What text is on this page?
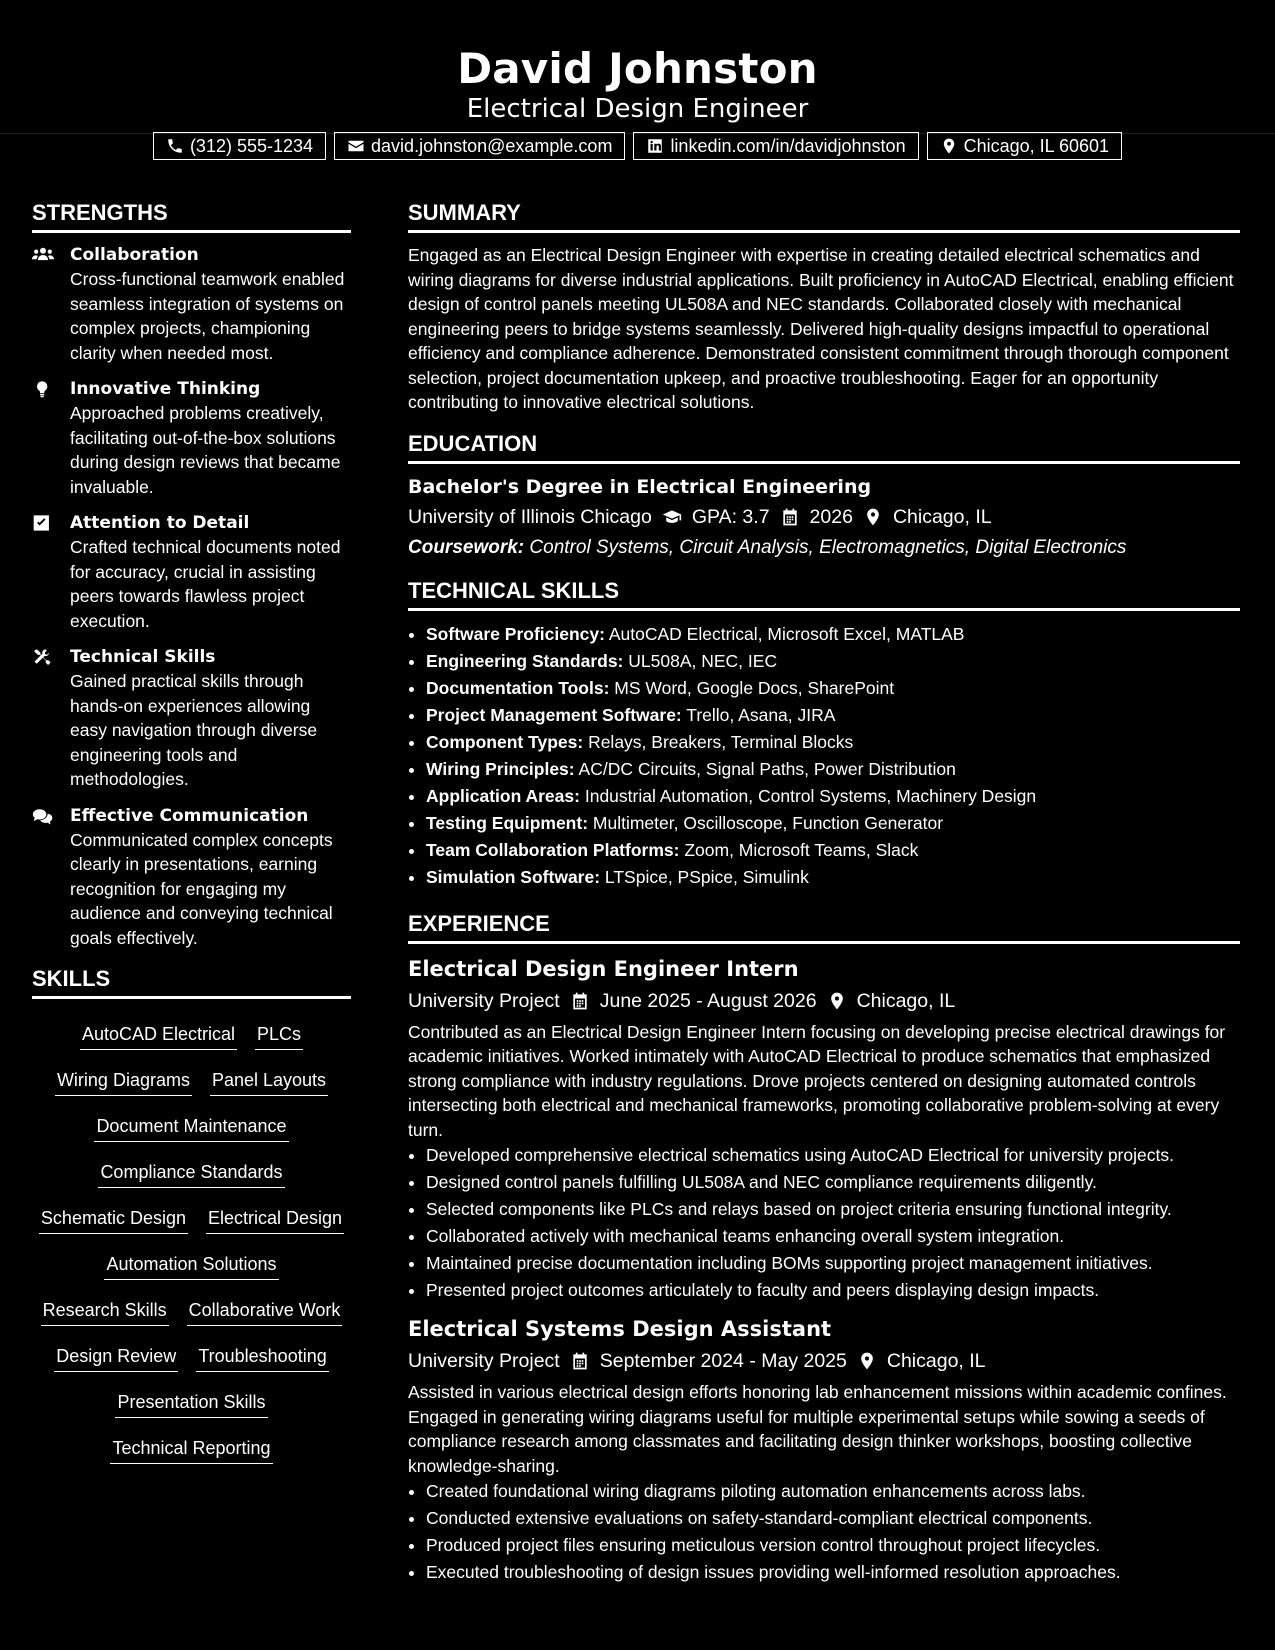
David Johnston
Electrical Design Engineer
(312) 555-1234	david.johnston@example.com	linkedin.com/in/davidjohnston	Chicago, IL 60601
STRENGTHS
Collaboration
Cross-functional teamwork enabled seamless integration of systems on complex projects, championing clarity when needed most.
Innovative Thinking
Approached problems creatively, facilitating out-of-the-box solutions during design reviews that became invaluable.
Attention to Detail
Crafted technical documents noted for accuracy, crucial in assisting peers towards flawless project execution.
Technical Skills
Gained practical skills through hands-on experiences allowing easy navigation through diverse engineering tools and methodologies.
Effective Communication
Communicated complex concepts clearly in presentations, earning recognition for engaging my audience and conveying technical goals effectively.
SKILLS
AutoCAD Electrical PLCs
Wiring Diagrams Panel Layouts
Document Maintenance
Compliance Standards
Schematic Design Electrical Design
Automation Solutions
Research Skills Collaborative Work
Design Review Troubleshooting
Presentation Skills
Technical Reporting
SUMMARY
Engaged as an Electrical Design Engineer with expertise in creating detailed electrical schematics and wiring diagrams for diverse industrial applications. Built proficiency in AutoCAD Electrical, enabling efficient design of control panels meeting UL508A and NEC standards. Collaborated closely with mechanical engineering peers to bridge systems seamlessly. Delivered high-quality designs impactful to operational efficiency and compliance adherence. Demonstrated consistent commitment through thorough component selection, project documentation upkeep, and proactive troubleshooting. Eager for an opportunity contributing to innovative electrical solutions.
EDUCATION
Bachelor's Degree in Electrical Engineering
University of Illinois Chicago GPA: 3.7 2026 Chicago, IL
Coursework: Control Systems, Circuit Analysis, Electromagnetics, Digital Electronics
TECHNICAL SKILLS
• Software Proficiency: AutoCAD Electrical, Microsoft Excel, MATLAB
• Engineering Standards: UL508A, NEC, IEC
• Documentation Tools: MS Word, Google Docs, SharePoint
• Project Management Software: Trello, Asana, JIRA
• Component Types: Relays, Breakers, Terminal Blocks
• Wiring Principles: AC/DC Circuits, Signal Paths, Power Distribution
• Application Areas: Industrial Automation, Control Systems, Machinery Design
• Testing Equipment: Multimeter, Oscilloscope, Function Generator
• Team Collaboration Platforms: Zoom, Microsoft Teams, Slack
• Simulation Software: LTSpice, PSpice, Simulink
EXPERIENCE
Electrical Design Engineer Intern
University Project June 2025 - August 2026 Chicago, IL
Contributed as an Electrical Design Engineer Intern focusing on developing precise electrical drawings for academic initiatives. Worked intimately with AutoCAD Electrical to produce schematics that emphasized strong compliance with industry regulations. Drove projects centered on designing automated controls intersecting both electrical and mechanical frameworks, promoting collaborative problem-solving at every turn.
• Developed comprehensive electrical schematics using AutoCAD Electrical for university projects.
• Designed control panels fulfilling UL508A and NEC compliance requirements diligently.
• Selected components like PLCs and relays based on project criteria ensuring functional integrity.
• Collaborated actively with mechanical teams enhancing overall system integration.
• Maintained precise documentation including BOMs supporting project management initiatives.
• Presented project outcomes articulately to faculty and peers displaying design impacts.
Electrical Systems Design Assistant
University Project September 2024 - May 2025 Chicago, IL
Assisted in various electrical design efforts honoring lab enhancement missions within academic confines. Engaged in generating wiring diagrams useful for multiple experimental setups while sowing a seeds of compliance research among classmates and facilitating design thinker workshops, boosting collective knowledge-sharing.
• Created foundational wiring diagrams piloting automation enhancements across labs.
• Conducted extensive evaluations on safety-standard-compliant electrical components.
• Produced project files ensuring meticulous version control throughout project lifecycles.
• Executed troubleshooting of design issues providing well-informed resolution approaches.
